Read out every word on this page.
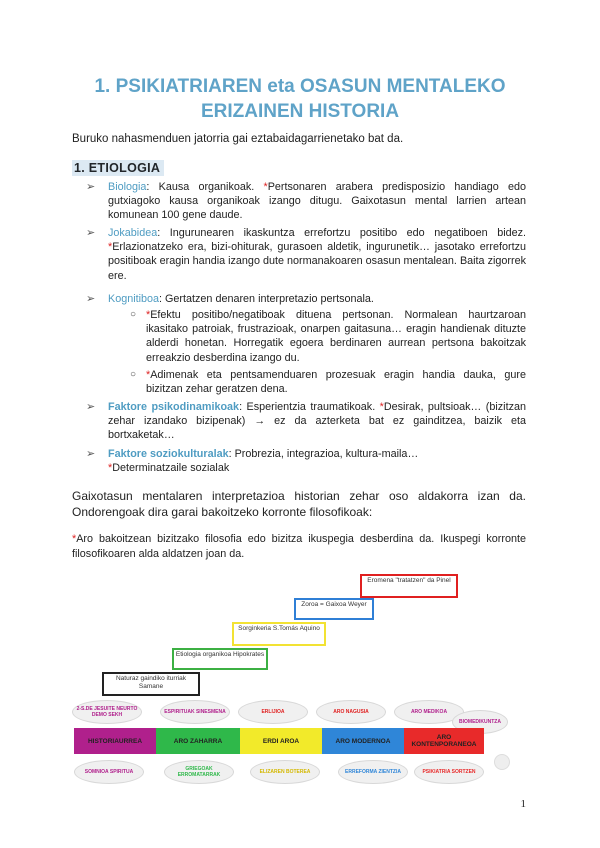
1. PSIKIATRIAREN eta OSASUN MENTALEKO
ERIZAINEN HISTORIA
Buruko nahasmenduen jatorria gai eztabaidagarrienetako bat da.
1. ETIOLOGIA
➢ Biologia: Kausa organikoak. *Pertsonaren arabera predisposizio handiago edo gutxiagoko kausa organikoak izango ditugu. Gaixotasun mental larrien artean komunean 100 gene daude.
➢ Jokabidea: Ingurunearen ikaskuntza errefortzu positibo edo negatiboen bidez. *Erlazionatzeko era, bizi-ohiturak, gurasoen aldetik, ingurunetik… jasotako errefortzu positiboak eragin handia izango dute normanakoaren osasun mentalean. Baita zigorrek ere.
➢ Kognitiboa: Gertatzen denaren interpretazio pertsonala.
○ *Efektu positibo/negatiboak dituena pertsonan. Normalean haurtzaroan ikasitako patroiak, frustrazioak, onarpen gaitasuna… eragin handienak dituzte alderdi honetan. Horregatik egoera berdinaren aurrean pertsona bakoitzak erreakzio desberdina izango du.
○ *Adimenak eta pentsamenduaren prozesuak eragin handia dauka, gure bizitzan zehar geratzen dena.
➢ Faktore psikodinamikoak: Esperientzia traumatikoak. *Desirak, pultsioak… (bizitzan zehar izandako bizipenak) → ez da azterketa bat ez gainditzea, baizik eta bortxaketak…
➢ Faktore soziokulturalak: Probrezia, integrazioa, kultura-maila…
*Determinatzaile sozialak
Gaixotasun mentalaren interpretazioa historian zehar oso aldakorra izan da. Ondorengoak dira garai bakoitzeko korronte filosofikoak:
*Aro bakoitzean bizitzako filosofia edo bizitza ikuspegia desberdina da. Ikuspegi korronte filosofikoaren alda aldatzen joan da.
Naturaz gaindiko iturriak Samane
Etiologia organikoa Hipokrates
Sorginkeria S.Tomás Aquino
Zoroa = Gaixoa Weyer
Eromena "tratatzen" da Pinel
2-S.DE JESUITE NEURTO DEMO SEKH	ESPIRITUAK SINESMENA	ERLIJIOA	ARO NAGUSIA	ARO MEDIKOA
BIOMEDIKUNTZA
HISTORIAURREA	ARO ZAHARRA	ERDI AROA	ARO MODERNOA	ARO KONTENPORANEOA
SOMNIOA SPIRITUA	GRIEGOAK ERROMATARRAK	ELIZAREN BOTEREA	ERREFORMA ZIENTZIA	PSIKIATRIA SORTZEN
1
